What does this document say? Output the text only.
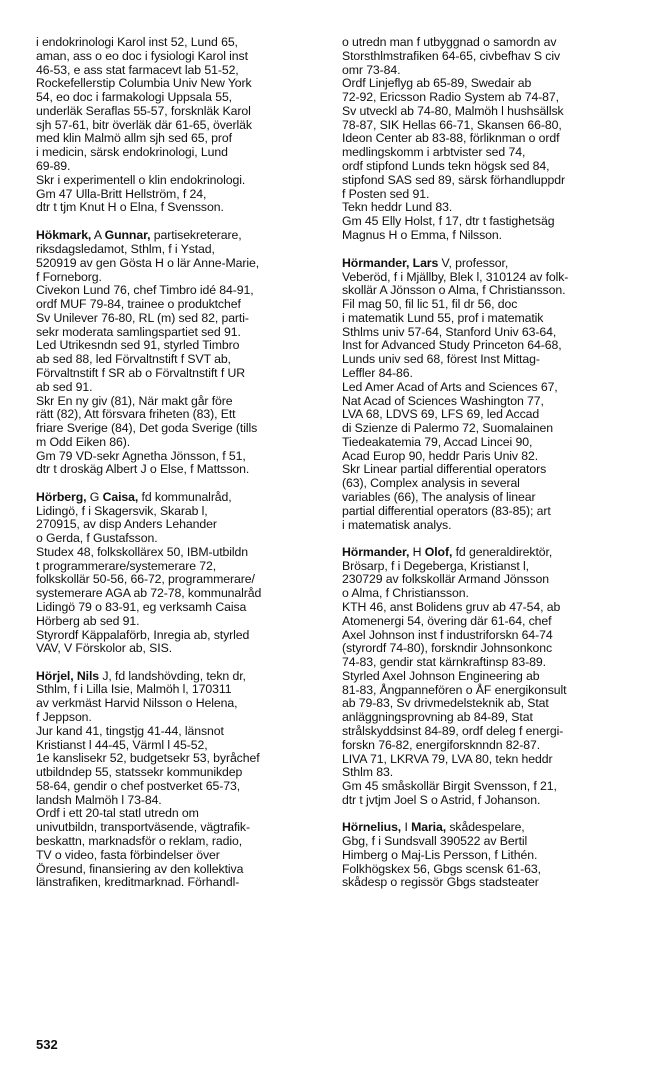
i endokrinologi Karol inst 52, Lund 65,
aman, ass o eo doc i fysiologi Karol inst
46-53, e ass stat farmacevt lab 51-52,
Rockefellerstip Columbia Univ New York
54, eo doc i farmakologi Uppsala 55,
underläk Seraflas 55-57, forsknläk Karol
sjh 57-61, bitr överläk där 61-65, överläk
med klin Malmö allm sjh sed 65, prof
i medicin, särsk endokrinologi, Lund
69-89.
Skr i experimentell o klin endokrinologi.
Gm 47 Ulla-Britt Hellström, f 24,
dtr t tjm Knut H o Elna, f Svensson.
Hökmark, A Gunnar, partisekreterare,
riksdagsledamot, Sthlm, f i Ystad,
520919 av gen Gösta H o lär Anne-Marie,
f Forneborg.
Civekon Lund 76, chef Timbro idé 84-91,
ordf MUF 79-84, trainee o produktchef
Sv Unilever 76-80, RL (m) sed 82, parti-
sekr moderata samlingspartiet sed 91.
Led Utrikesndn sed 91, styrled Timbro
ab sed 88, led Förvaltnstift f SVT ab,
Förvaltnstift f SR ab o Förvaltnstift f UR
ab sed 91.
Skr En ny giv (81), När makt går före
rätt (82), Att försvara friheten (83), Ett
friare Sverige (84), Det goda Sverige (tills
m Odd Eiken 86).
Gm 79 VD-sekr Agnetha Jönsson, f 51,
dtr t droskäg Albert J o Else, f Mattsson.
Hörberg, G Caisa, fd kommunalråd,
Lidingö, f i Skagersvik, Skarab l,
270915, av disp Anders Lehander
o Gerda, f Gustafsson.
Studex 48, folkskollärex 50, IBM-utbildn
t programmerare/systemerare 72,
folkskollär 50-56, 66-72, programmerare/
systemerare AGA ab 72-78, kommunalråd
Lidingö 79 o 83-91, eg verksamh Caisa
Hörberg ab sed 91.
Styrordf Käppalaförb, Inregia ab, styrled
VAV, V Förskolor ab, SIS.
Hörjel, Nils J, fd landshövding, tekn dr,
Sthlm, f i Lilla Isie, Malmöh l, 170311
av verkmäst Harvid Nilsson o Helena,
f Jeppson.
Jur kand 41, tingstjg 41-44, länsnot
Kristianst l 44-45, Värml l 45-52,
1e kanslisekr 52, budgetsekr 53, byråchef
utbildndep 55, statssekr kommunikdep
58-64, gendir o chef postverket 65-73,
landsh Malmöh l 73-84.
Ordf i ett 20-tal statl utredn om
univutbildn, transportväsende, vägtrafik-
beskattn, marknadsför o reklam, radio,
TV o video, fasta förbindelser över
Öresund, finansiering av den kollektiva
länstrafiken, kreditmarknad. Förhandl-
o utredn man f utbyggnad o samordn av
Storsthlmstrafiken 64-65, civbefhav S civ
omr 73-84.
Ordf Linjeflyg ab 65-89, Swedair ab
72-92, Ericsson Radio System ab 74-87,
Sv utveckl ab 74-80, Malmöh l hushsällsk
78-87, SIK Hellas 66-71, Skansen 66-80,
Ideon Center ab 83-88, förliknman o ordf
medlingskomm i arbtvister sed 74,
ordf stipfond Lunds tekn högsk sed 84,
stipfond SAS sed 89, särsk förhandluppdr
f Posten sed 91.
Tekn heddr Lund 83.
Gm 45 Elly Holst, f 17, dtr t fastighetsäg
Magnus H o Emma, f Nilsson.
Hörmander, Lars V, professor,
Veberöd, f i Mjällby, Blek l, 310124 av folk-
skollär A Jönsson o Alma, f Christiansson.
Fil mag 50, fil lic 51, fil dr 56, doc
i matematik Lund 55, prof i matematik
Sthlms univ 57-64, Stanford Univ 63-64,
Inst for Advanced Study Princeton 64-68,
Lunds univ sed 68, förest Inst Mittag-
Leffler 84-86.
Led Amer Acad of Arts and Sciences 67,
Nat Acad of Sciences Washington 77,
LVA 68, LDVS 69, LFS 69, led Accad
di Szienze di Palermo 72, Suomalainen
Tiedeakatemia 79, Accad Lincei 90,
Acad Europ 90, heddr Paris Univ 82.
Skr Linear partial differential operators
(63), Complex analysis in several
variables (66), The analysis of linear
partial differential operators (83-85); art
i matematisk analys.
Hörmander, H Olof, fd generaldirektör,
Brösarp, f i Degeberga, Kristianst l,
230729 av folkskollär Armand Jönsson
o Alma, f Christiansson.
KTH 46, anst Bolidens gruv ab 47-54, ab
Atomenergi 54, övering där 61-64, chef
Axel Johnson inst f industriforskn 64-74
(styrordf 74-80), forskndir Johnsonkonc
74-83, gendir stat kärnkraftinsp 83-89.
Styrled Axel Johnson Engineering ab
81-83, Ångpannefören o ÅF energikonsult
ab 79-83, Sv drivmedelsteknik ab, Stat
anläggningsprovning ab 84-89, Stat
strålskyddsinst 84-89, ordf deleg f energi-
forskn 76-82, energiforsknndn 82-87.
LIVA 71, LKRVA 79, LVA 80, tekn heddr
Sthlm 83.
Gm 45 småskollär Birgit Svensson, f 21,
dtr t jvtjm Joel S o Astrid, f Johanson.
Hörnelius, I Maria, skådespelare,
Gbg, f i Sundsvall 390522 av Bertil
Himberg o Maj-Lis Persson, f Lithén.
Folkhögskex 56, Gbgs scensk 61-63,
skådesp o regissör Gbgs stadsteater
532
